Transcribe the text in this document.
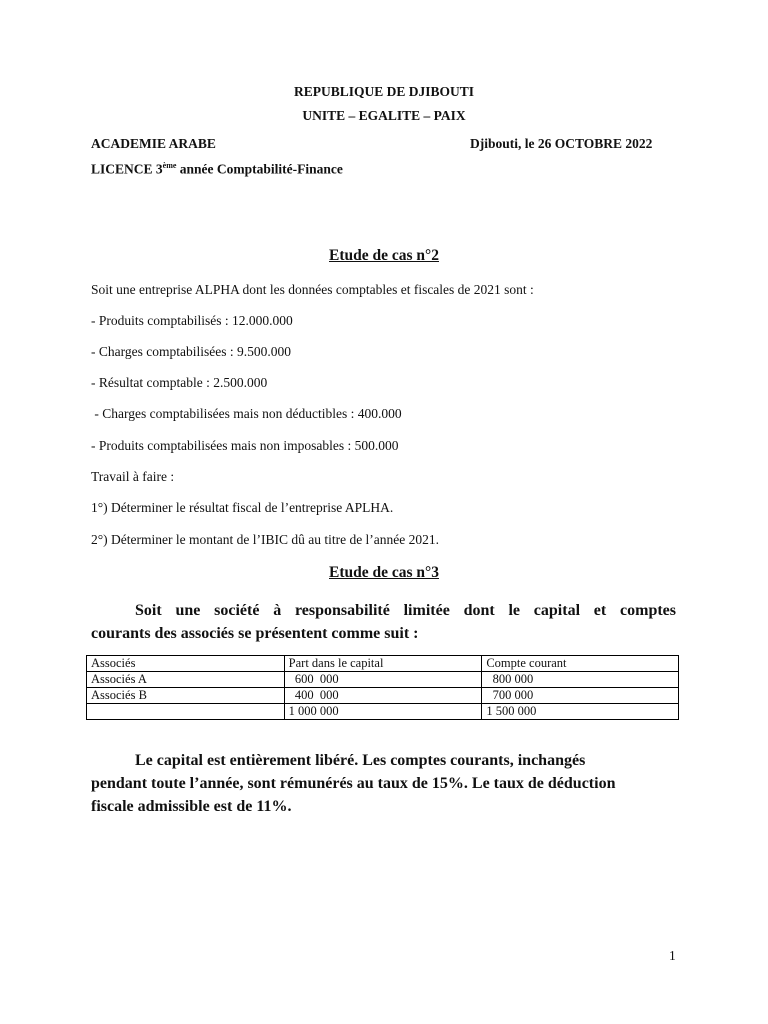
REPUBLIQUE DE DJIBOUTI
UNITE – EGALITE – PAIX
ACADEMIE ARABE	Djibouti, le 26 OCTOBRE 2022
LICENCE 3ème année Comptabilité-Finance
Etude de cas n°2
Soit une entreprise ALPHA dont les données comptables et fiscales de 2021 sont :
- Produits comptabilisés : 12.000.000
- Charges comptabilisées : 9.500.000
- Résultat comptable : 2.500.000
- Charges comptabilisées mais non déductibles : 400.000
- Produits comptabilisées mais non imposables : 500.000
Travail à faire :
1°) Déterminer le résultat fiscal de l’entreprise APLHA.
2°) Déterminer le montant de l’IBIC dû au titre de l’année 2021.
Etude de cas n°3
Soit une société à responsabilité limitée dont le capital et comptes
courants des associés se présentent comme suit :
Associés	Part dans le capital	Compte courant
Associés A	600  000	800 000
Associés B	400  000	700 000
	1 000 000	1 500 000
Le capital est entièrement libéré. Les comptes courants, inchangés
pendant toute l’année, sont rémunérés au taux de 15%. Le taux de déduction
fiscale admissible est de 11%.
1
